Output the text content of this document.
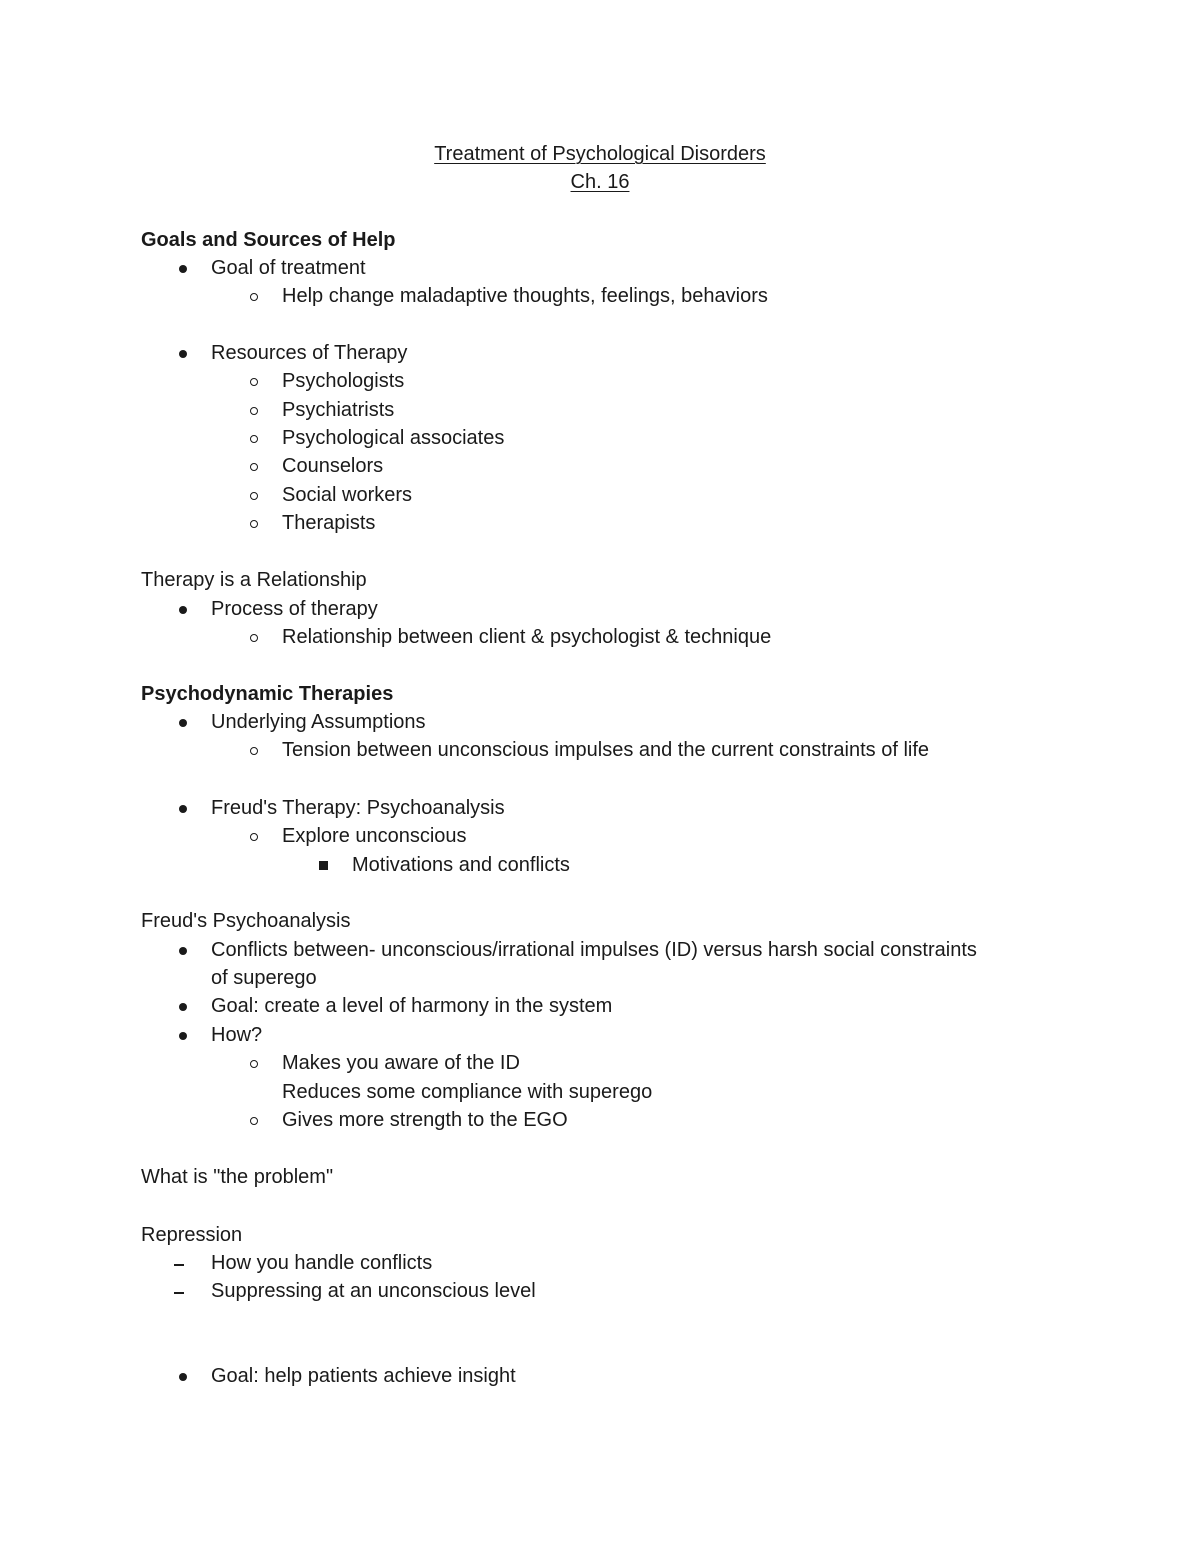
Treatment of Psychological Disorders
Ch. 16
Goals and Sources of Help
Goal of treatment
Help change maladaptive thoughts, feelings, behaviors
Resources of Therapy
Psychologists
Psychiatrists
Psychological associates
Counselors
Social workers
Therapists
Therapy is a Relationship
Process of therapy
Relationship between client & psychologist & technique
Psychodynamic Therapies
Underlying Assumptions
Tension between unconscious impulses and the current constraints of life
Freud's Therapy: Psychoanalysis
Explore unconscious
Motivations and conflicts
Freud's Psychoanalysis
Conflicts between- unconscious/irrational impulses (ID) versus harsh social constraints
of superego
Goal: create a level of harmony in the system
How?
Makes you aware of the ID
Reduces some compliance with superego
Gives more strength to the EGO
What is "the problem"
Repression
How you handle conflicts
Suppressing at an unconscious level
Goal: help patients achieve insight
